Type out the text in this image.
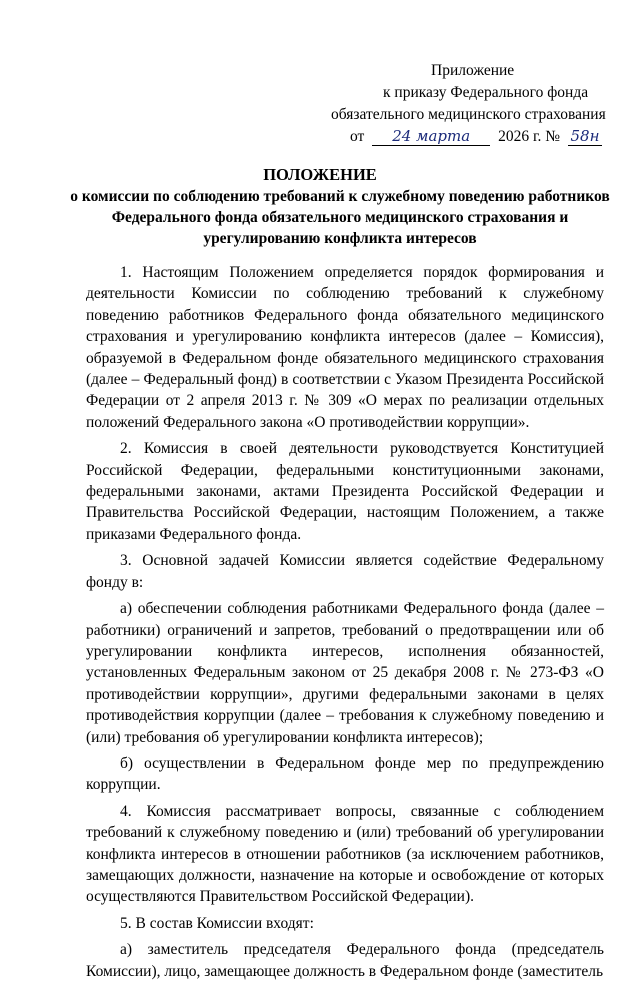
Приложение
к приказу Федерального фонда
обязательного медицинского страхования
от 24 марта 2026 г. № 58н
ПОЛОЖЕНИЕ
о комиссии по соблюдению требований к служебному поведению работников Федерального фонда обязательного медицинского страхования и урегулированию конфликта интересов

1. Настоящим Положением определяется порядок формирования и деятельности Комиссии по соблюдению требований к служебному поведению работников Федерального фонда обязательного медицинского страхования и урегулированию конфликта интересов (далее – Комиссия), образуемой в Федеральном фонде обязательного медицинского страхования (далее – Федеральный фонд) в соответствии с Указом Президента Российской Федерации от 2 апреля 2013 г. № 309 «О мерах по реализации отдельных положений Федерального закона «О противодействии коррупции».

2. Комиссия в своей деятельности руководствуется Конституцией Российской Федерации, федеральными конституционными законами, федеральными законами, актами Президента Российской Федерации и Правительства Российской Федерации, настоящим Положением, а также приказами Федерального фонда.

3. Основной задачей Комиссии является содействие Федеральному фонду в:

а) обеспечении соблюдения работниками Федерального фонда (далее – работники) ограничений и запретов, требований о предотвращении или об урегулировании конфликта интересов, исполнения обязанностей, установленных Федеральным законом от 25 декабря 2008 г. № 273-ФЗ «О противодействии коррупции», другими федеральными законами в целях противодействия коррупции (далее – требования к служебному поведению и (или) требования об урегулировании конфликта интересов);

б) осуществлении в Федеральном фонде мер по предупреждению коррупции.

4. Комиссия рассматривает вопросы, связанные с соблюдением требований к служебному поведению и (или) требований об урегулировании конфликта интересов в отношении работников (за исключением работников, замещающих должности, назначение на которые и освобождение от которых осуществляются Правительством Российской Федерации).

5. В состав Комиссии входят:

а) заместитель председателя Федерального фонда (председатель Комиссии), лицо, замещающее должность в Федеральном фонде (заместитель
